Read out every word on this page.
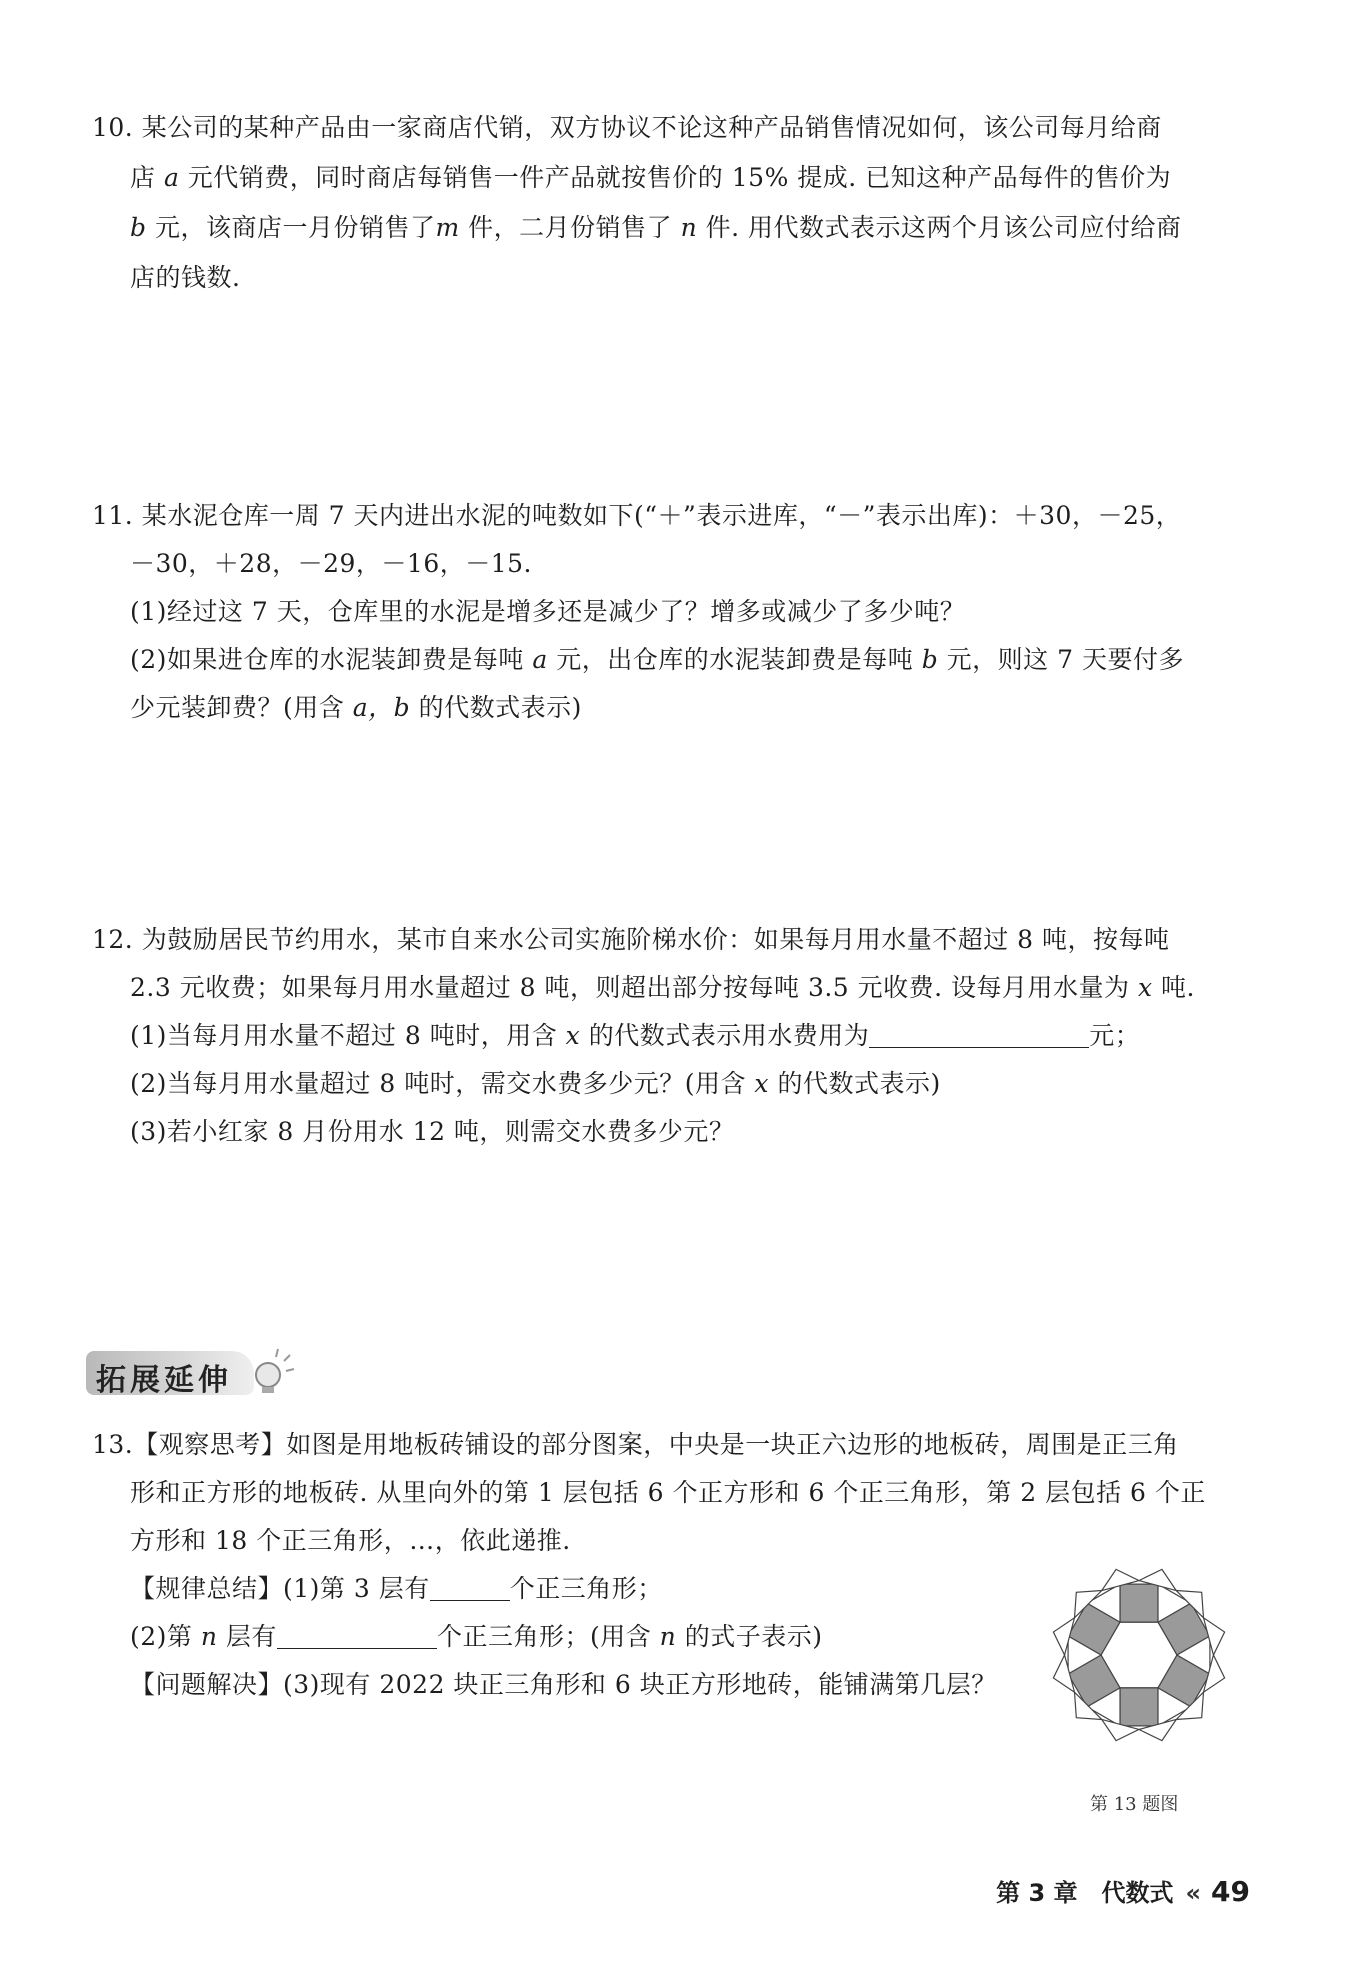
10. 某公司的某种产品由一家商店代销，双方协议不论这种产品销售情况如何，该公司每月给商
店 a 元代销费，同时商店每销售一件产品就按售价的 15% 提成. 已知这种产品每件的售价为
b 元，该商店一月份销售了m 件，二月份销售了 n 件. 用代数式表示这两个月该公司应付给商
店的钱数.
11. 某水泥仓库一周 7 天内进出水泥的吨数如下(“＋”表示进库，“－”表示出库)：＋30，－25，
－30，＋28，－29，－16，－15.
(1)经过这 7 天，仓库里的水泥是增多还是减少了？增多或减少了多少吨？
(2)如果进仓库的水泥装卸费是每吨 a 元，出仓库的水泥装卸费是每吨 b 元，则这 7 天要付多
少元装卸费？(用含 a，b 的代数式表示)
12. 为鼓励居民节约用水，某市自来水公司实施阶梯水价：如果每月用水量不超过 8 吨，按每吨
2.3 元收费；如果每月用水量超过 8 吨，则超出部分按每吨 3.5 元收费. 设每月用水量为 x 吨.
(1)当每月用水量不超过 8 吨时，用含 x 的代数式表示用水费用为	元；
(2)当每月用水量超过 8 吨时，需交水费多少元？(用含 x 的代数式表示)
(3)若小红家 8 月份用水 12 吨，则需交水费多少元？
拓展延伸
13.【观察思考】如图是用地板砖铺设的部分图案，中央是一块正六边形的地板砖，周围是正三角
形和正方形的地板砖. 从里向外的第 1 层包括 6 个正方形和 6 个正三角形，第 2 层包括 6 个正
方形和 18 个正三角形，…，依此递推.
【规律总结】(1)第 3 层有	个正三角形；
(2)第 n 层有	个正三角形；(用含 n 的式子表示)
【问题解决】(3)现有 2022 块正三角形和 6 块正方形地砖，能铺满第几层？
第 13 题图
第 3 章　代数式 « 49
